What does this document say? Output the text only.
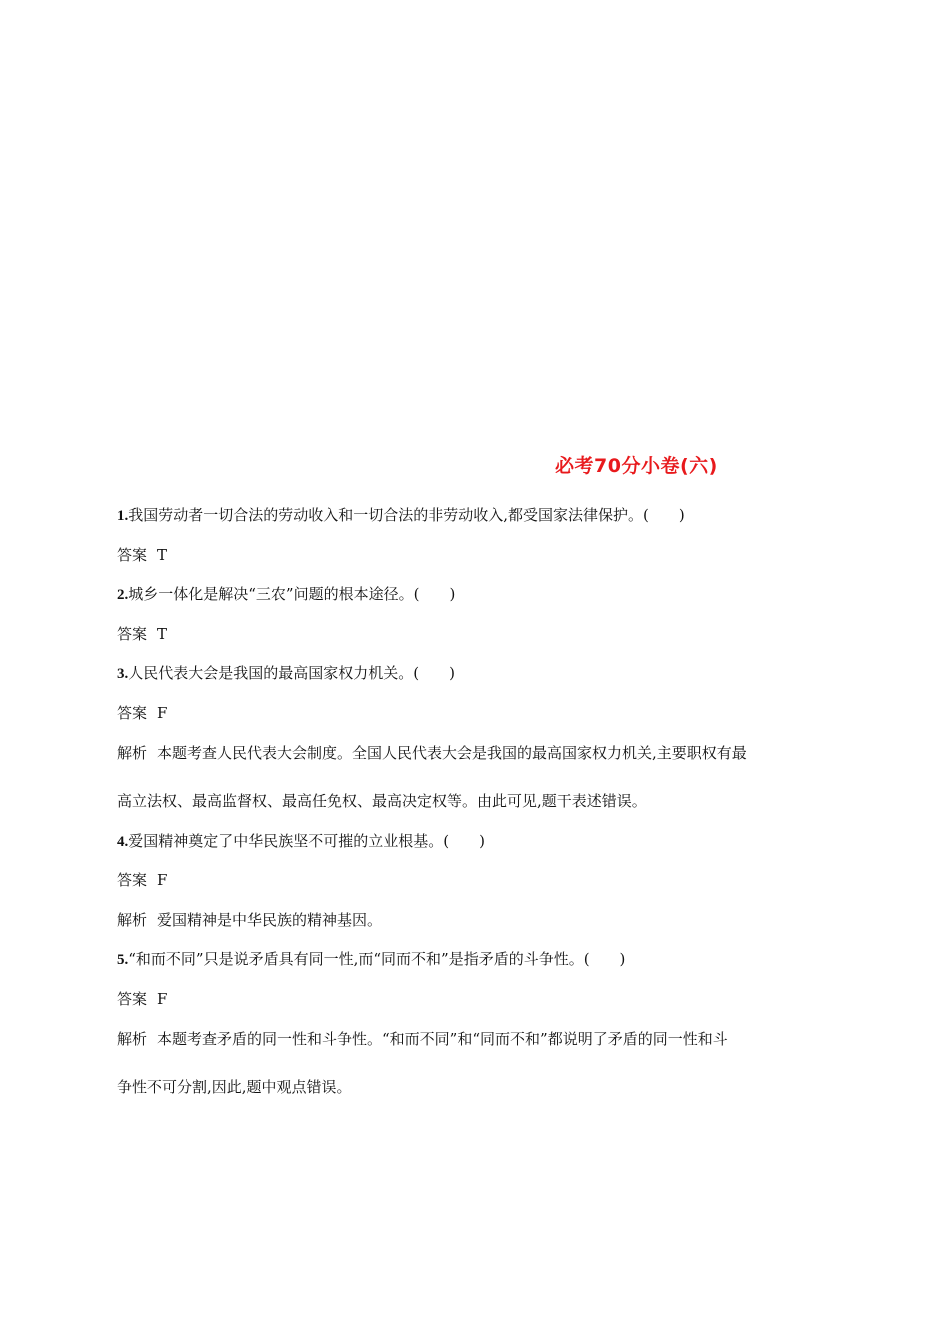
必考70分小卷(六)
1.我国劳动者一切合法的劳动收入和一切合法的非劳动收入,都受国家法律保护。(　　)
答案 T
2.城乡一体化是解决“三农”问题的根本途径。(　　)
答案 T
3.人民代表大会是我国的最高国家权力机关。(　　)
答案 F
解析 本题考查人民代表大会制度。全国人民代表大会是我国的最高国家权力机关,主要职权有最
高立法权、最高监督权、最高任免权、最高决定权等。由此可见,题干表述错误。
4.爱国精神奠定了中华民族坚不可摧的立业根基。(　　)
答案 F
解析 爱国精神是中华民族的精神基因。
5.“和而不同”只是说矛盾具有同一性,而“同而不和”是指矛盾的斗争性。(　　)
答案 F
解析 本题考查矛盾的同一性和斗争性。“和而不同”和“同而不和”都说明了矛盾的同一性和斗
争性不可分割,因此,题中观点错误。
